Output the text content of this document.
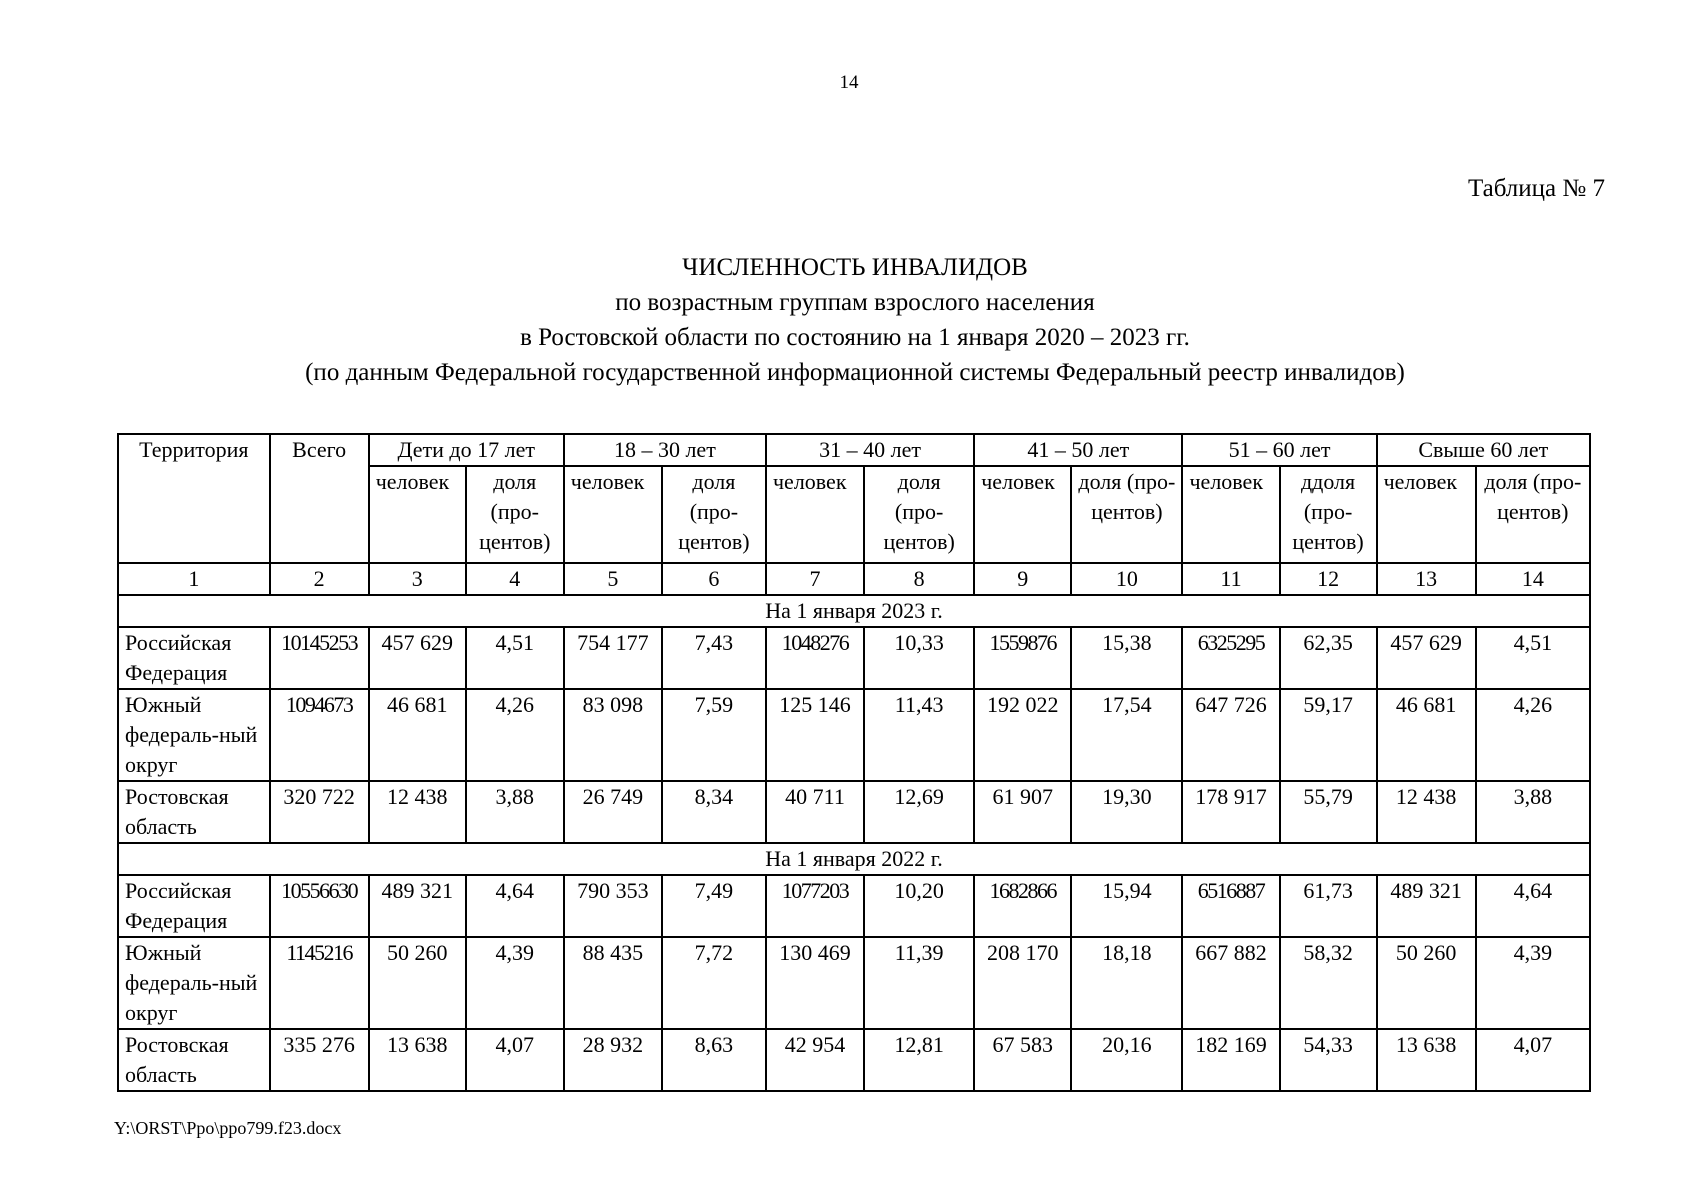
14
Таблица № 7
ЧИСЛЕННОСТЬ ИНВАЛИДОВ
по возрастным группам взрослого населения
в Ростовской области по состоянию на 1 января 2020 – 2023 гг.
(по данным Федеральной государственной информационной системы Федеральный реестр инвалидов)
Территория	Всего	Дети до 17 лет		18 – 30 лет		31 – 40 лет		41 – 50 лет		51 – 60 лет		Свыше 60 лет	
		человек	доля (про-центов)	человек	доля (про-центов)	человек	доля (про-центов)	человек	доля (про-центов)	человек	ддоля (про-центов)	человек	доля (про-центов)
1	2	3	4	5	6	7	8	9	10	11	12	13	14
На 1 января 2023 г.													
Российская Федерация	10145253	457 629	4,51	754 177	7,43	1048276	10,33	1559876	15,38	6325295	62,35	457 629	4,51
Южный федераль-ный округ	1094673	46 681	4,26	83 098	7,59	125 146	11,43	192 022	17,54	647 726	59,17	46 681	4,26
Ростовская область	320 722	12 438	3,88	26 749	8,34	40 711	12,69	61 907	19,30	178 917	55,79	12 438	3,88
На 1 января 2022 г.													
Российская Федерация	10556630	489 321	4,64	790 353	7,49	1077203	10,20	1682866	15,94	6516887	61,73	489 321	4,64
Южный федераль-ный округ	1145216	50 260	4,39	88 435	7,72	130 469	11,39	208 170	18,18	667 882	58,32	50 260	4,39
Ростовская область	335 276	13 638	4,07	28 932	8,63	42 954	12,81	67 583	20,16	182 169	54,33	13 638	4,07
Y:\ORST\Ppo\ppo799.f23.docx
